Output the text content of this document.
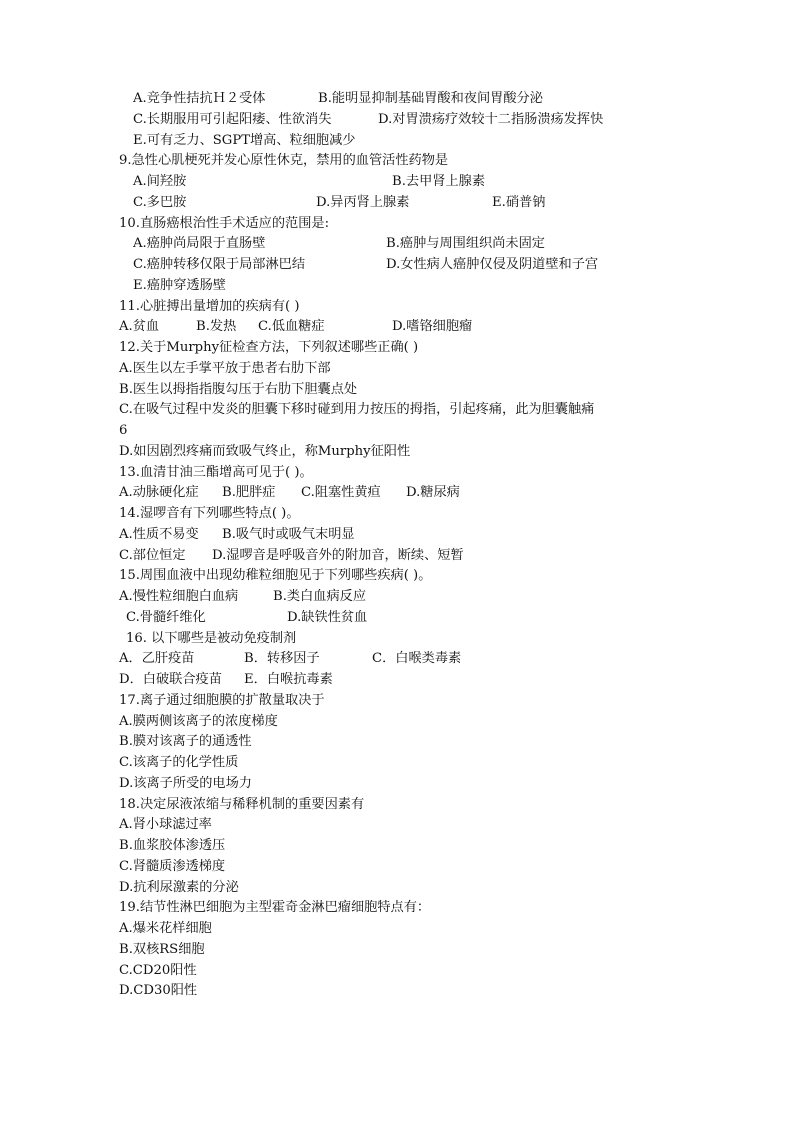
A.竞争性拮抗Ｈ２受体	B.能明显抑制基础胃酸和夜间胃酸分泌
C.长期服用可引起阳痿、性欲消失	D.对胃溃疡疗效较十二指肠溃疡发挥快
E.可有乏力、SGPT增高、粒细胞减少
9.急性心肌梗死并发心原性休克，禁用的血管活性药物是
A.间羟胺	B.去甲肾上腺素
C.多巴胺	D.异丙肾上腺素	E.硝普钠
10.直肠癌根治性手术适应的范围是:
A.癌肿尚局限于直肠壁	B.癌肿与周围组织尚未固定
C.癌肿转移仅限于局部淋巴结	D.女性病人癌肿仅侵及阴道壁和子宫
E.癌肿穿透肠壁
11.心脏搏出量增加的疾病有( )
A.贫血	B.发热 C.低血糖症	D.嗜铬细胞瘤
12.关于Murphy征检查方法，下列叙述哪些正确( )
A.医生以左手掌平放于患者右肋下部
B.医生以拇指指腹勾压于右肋下胆囊点处
C.在吸气过程中发炎的胆囊下移时碰到用力按压的拇指，引起疼痛，此为胆囊触痛
6
D.如因剧烈疼痛而致吸气终止，称Murphy征阳性
13.血清甘油三酯增高可见于( )。
A.动脉硬化症 B.肥胖症 C.阻塞性黄疸 D.糖尿病
14.湿啰音有下列哪些特点( )。
A.性质不易变 B.吸气时或吸气末明显
C.部位恒定 D.湿啰音是呼吸音外的附加音，断续、短暂
15.周围血液中出现幼稚粒细胞见于下列哪些疾病( )。
A.慢性粒细胞白血病	B.类白血病反应
C.骨髓纤维化	D.缺铁性贫血
16. 以下哪些是被动免疫制剂
A．乙肝疫苗	B．转移因子	C．白喉类毒素
D．白破联合疫苗 E．白喉抗毒素
17.离子通过细胞膜的扩散量取决于
A.膜两侧该离子的浓度梯度
B.膜对该离子的通透性
C.该离子的化学性质
D.该离子所受的电场力
18.决定尿液浓缩与稀释机制的重要因素有
A.肾小球滤过率
B.血浆胶体渗透压
C.肾髓质渗透梯度
D.抗利尿激素的分泌
19.结节性淋巴细胞为主型霍奇金淋巴瘤细胞特点有：
A.爆米花样细胞
B.双核RS细胞
C.CD20阳性
D.CD30阳性
